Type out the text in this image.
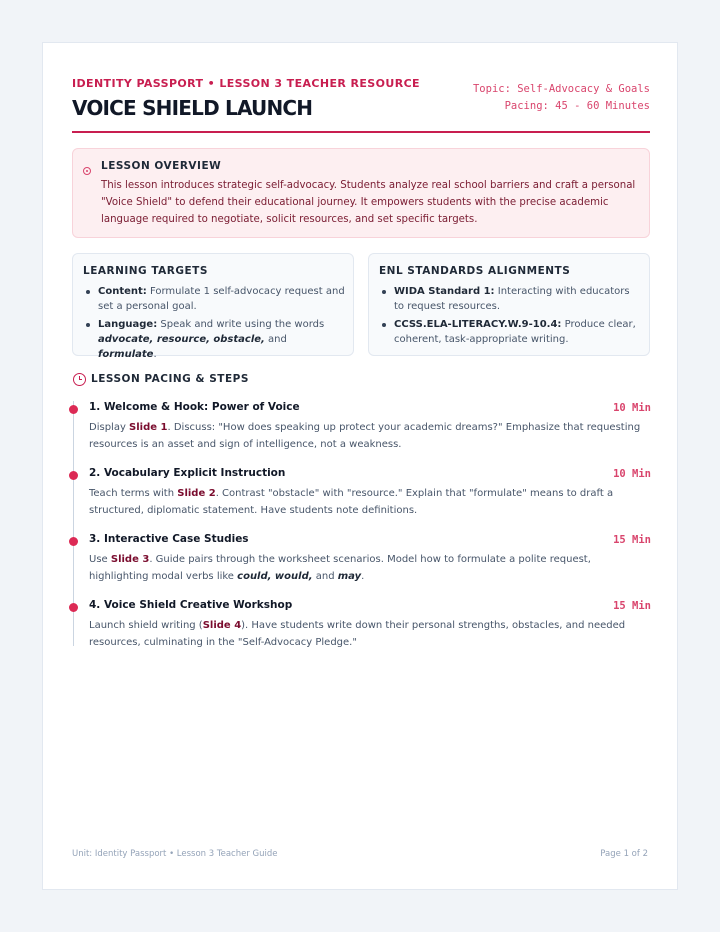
IDENTITY PASSPORT • LESSON 3 TEACHER RESOURCE
VOICE SHIELD LAUNCH
Topic: Self-Advocacy & Goals
Pacing: 45 - 60 Minutes
LESSON OVERVIEW
This lesson introduces strategic self-advocacy. Students analyze real school barriers and craft a personal "Voice Shield" to defend their educational journey. It empowers students with the precise academic language required to negotiate, solicit resources, and set specific targets.
LEARNING TARGETS
Content: Formulate 1 self-advocacy request and set a personal goal.
Language: Speak and write using the words advocate, resource, obstacle, and formulate.
ENL STANDARDS ALIGNMENTS
WIDA Standard 1: Interacting with educators to request resources.
CCSS.ELA-LITERACY.W.9-10.4: Produce clear, coherent, task-appropriate writing.
LESSON PACING & STEPS
1. Welcome & Hook: Power of Voice	10 Min
Display Slide 1. Discuss: "How does speaking up protect your academic dreams?" Emphasize that requesting resources is an asset and sign of intelligence, not a weakness.
2. Vocabulary Explicit Instruction	10 Min
Teach terms with Slide 2. Contrast "obstacle" with "resource." Explain that "formulate" means to draft a structured, diplomatic statement. Have students note definitions.
3. Interactive Case Studies	15 Min
Use Slide 3. Guide pairs through the worksheet scenarios. Model how to formulate a polite request, highlighting modal verbs like could, would, and may.
4. Voice Shield Creative Workshop	15 Min
Launch shield writing (Slide 4). Have students write down their personal strengths, obstacles, and needed resources, culminating in the "Self-Advocacy Pledge."
Unit: Identity Passport • Lesson 3 Teacher Guide	Page 1 of 2
